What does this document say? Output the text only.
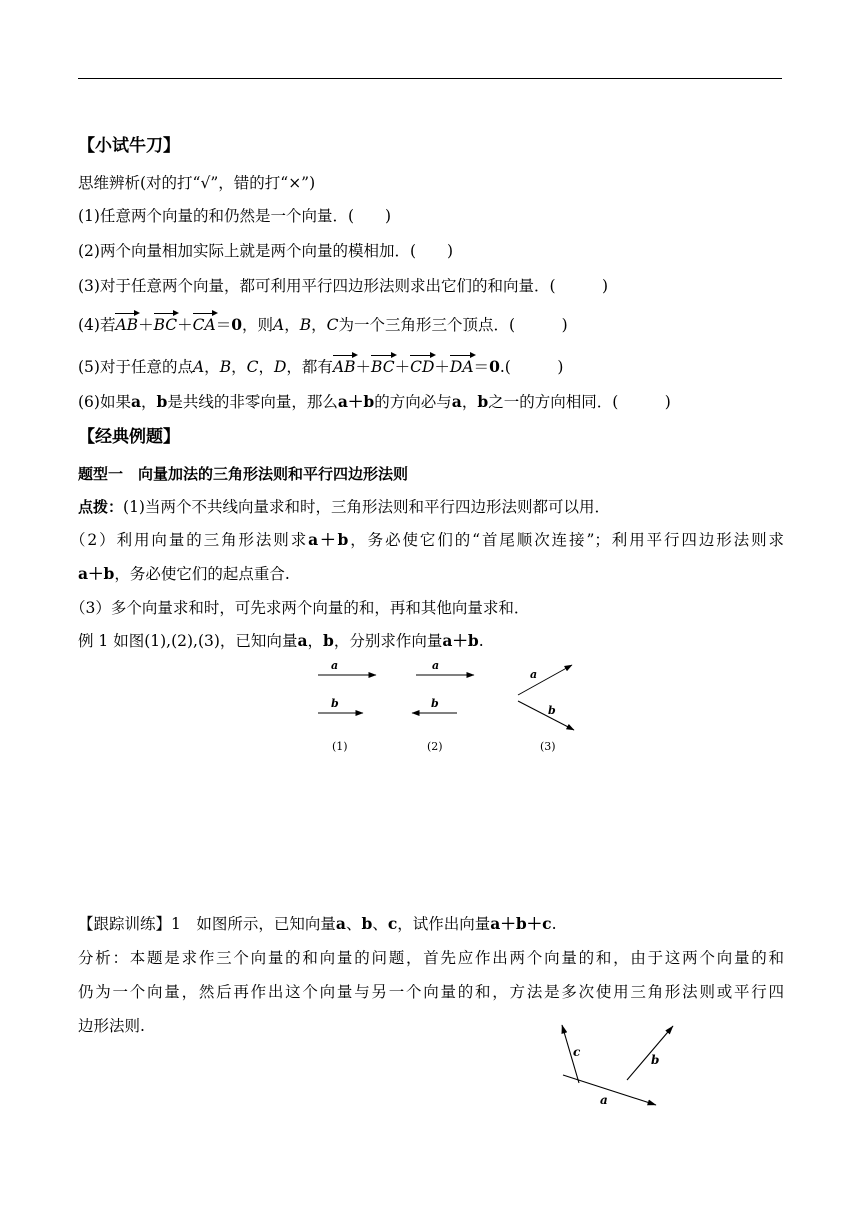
【小试牛刀】
思维辨析(对的打“√”，错的打“×”)
(1)任意两个向量的和仍然是一个向量．(　　)
(2)两个向量相加实际上就是两个向量的模相加．(　　)
(3)对于任意两个向量，都可利用平行四边形法则求出它们的和向量．(　　　)
(4)若AB＋BC＋CA＝0，则A，B，C为一个三角形三个顶点．(　　　)
(5)对于任意的点A，B，C，D，都有AB＋BC＋CD＋DA＝0.(　　　)
(6)如果a，b是共线的非零向量，那么a＋b的方向必与a，b之一的方向相同．(　　　)
【经典例题】
题型一　向量加法的三角形法则和平行四边形法则
点拨：(1)当两个不共线向量求和时，三角形法则和平行四边形法则都可以用．
（2）利用向量的三角形法则求a＋b，务必使它们的“首尾顺次连接”；利用平行四边形法则求
a＋b，务必使它们的起点重合.
（3）多个向量求和时，可先求两个向量的和，再和其他向量求和．
例 1 如图(1),(2),(3)，已知向量a，b，分别求作向量a＋b.
a
b
(1)
a
b
(2)
a
b
(3)
【跟踪训练】1　如图所示，已知向量a、b、c，试作出向量a＋b＋c.
分析：本题是求作三个向量的和向量的问题，首先应作出两个向量的和，由于这两个向量的和
仍为一个向量，然后再作出这个向量与另一个向量的和，方法是多次使用三角形法则或平行四
边形法则.
a
b
c
